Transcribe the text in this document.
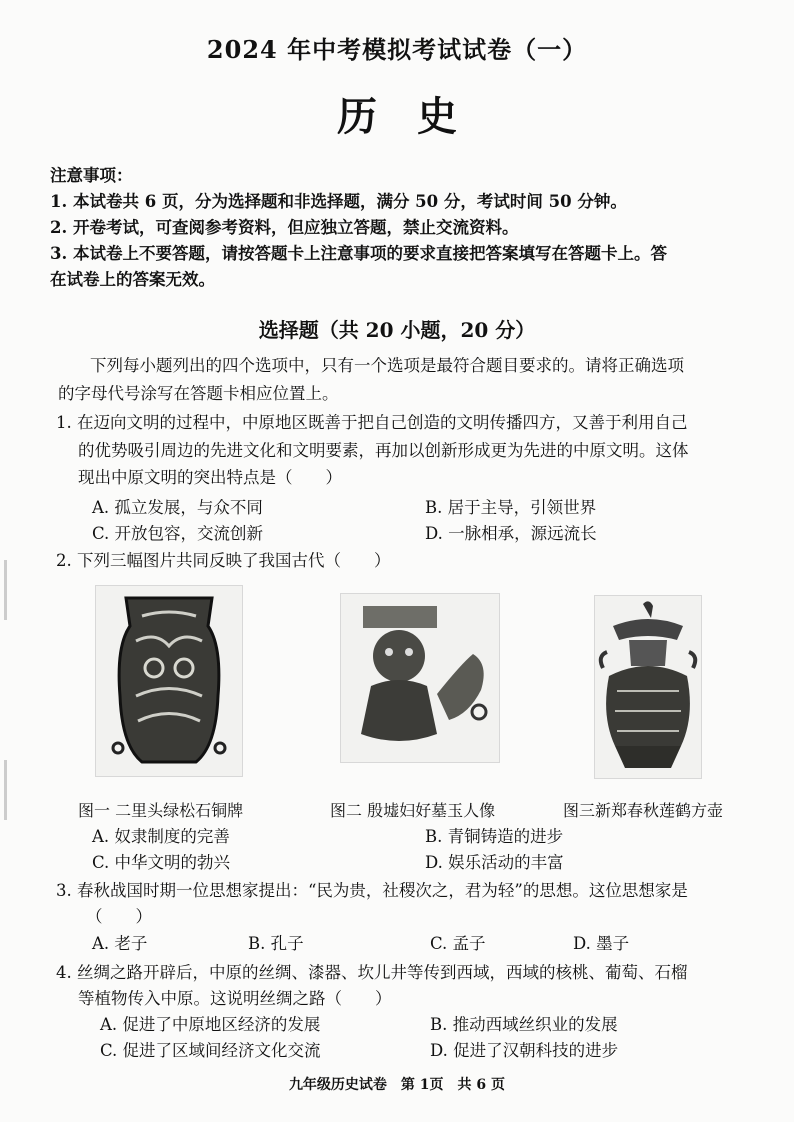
2024 年中考模拟考试试卷（一）
历史
注意事项：
1. 本试卷共 6 页，分为选择题和非选择题，满分 50 分，考试时间 50 分钟。
2. 开卷考试，可查阅参考资料，但应独立答题，禁止交流资料。
3. 本试卷上不要答题，请按答题卡上注意事项的要求直接把答案填写在答题卡上。答
在试卷上的答案无效。
选择题（共 20 小题，20 分）
下列每小题列出的四个选项中，只有一个选项是最符合题目要求的。请将正确选项
的字母代号涂写在答题卡相应位置上。
1. 在迈向文明的过程中，中原地区既善于把自己创造的文明传播四方，又善于利用自己
的优势吸引周边的先进文化和文明要素，再加以创新形成更为先进的中原文明。这体
现出中原文明的突出特点是（　　）
A. 孤立发展，与众不同	B. 居于主导，引领世界
C. 开放包容，交流创新	D. 一脉相承，源远流长
2. 下列三幅图片共同反映了我国古代（　　）
图一 二里头绿松石铜牌	图二 殷墟妇好墓玉人像	图三新郑春秋莲鹤方壶
A. 奴隶制度的完善	B. 青铜铸造的进步
C. 中华文明的勃兴	D. 娱乐活动的丰富
3. 春秋战国时期一位思想家提出：“民为贵，社稷次之，君为轻”的思想。这位思想家是
（　　）
A. 老子	B. 孔子	C. 孟子	D. 墨子
4. 丝绸之路开辟后，中原的丝绸、漆器、坎儿井等传到西域，西域的核桃、葡萄、石榴
等植物传入中原。这说明丝绸之路（　　）
A. 促进了中原地区经济的发展	B. 推动西域丝织业的发展
C. 促进了区域间经济文化交流	D. 促进了汉朝科技的进步
九年级历史试卷　第 1页　共 6 页
